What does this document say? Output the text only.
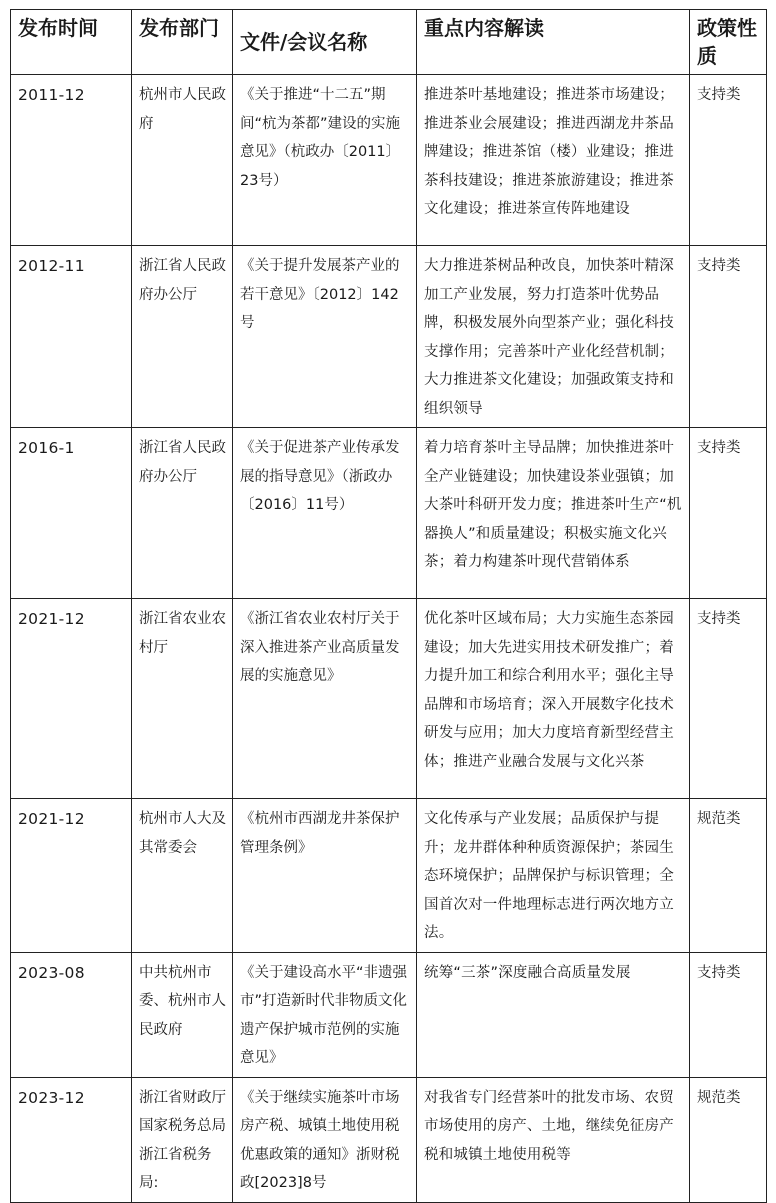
发布时间	发布部门	文件/会议名称	重点内容解读	政策性质
2011-12	杭州市人民政府	《关于推进“十二五”期间“杭为茶都”建设的实施意见》（杭政办〔2011〕23号）	推进茶叶基地建设；推进茶市场建设；推进茶业会展建设；推进西湖龙井茶品牌建设；推进茶馆（楼）业建设；推进茶科技建设；推进茶旅游建设；推进茶文化建设；推进茶宣传阵地建设	支持类
2012-11	浙江省人民政府办公厅	《关于提升发展茶产业的若干意见》〔2012〕142号	大力推进茶树品种改良，加快茶叶精深加工产业发展，努力打造茶叶优势品牌，积极发展外向型茶产业；强化科技支撑作用；完善茶叶产业化经营机制；大力推进茶文化建设；加强政策支持和组织领导	支持类
2016-1	浙江省人民政府办公厅	《关于促进茶产业传承发展的指导意见》（浙政办〔2016〕11号）	着力培育茶叶主导品牌；加快推进茶叶全产业链建设；加快建设茶业强镇；加大茶叶科研开发力度；推进茶叶生产“机器换人”和质量建设；积极实施文化兴茶；着力构建茶叶现代营销体系	支持类
2021-12	浙江省农业农村厅	《浙江省农业农村厅关于深入推进茶产业高质量发展的实施意见》	优化茶叶区域布局；大力实施生态茶园建设；加大先进实用技术研发推广；着力提升加工和综合利用水平；强化主导品牌和市场培育；深入开展数字化技术研发与应用；加大力度培育新型经营主体；推进产业融合发展与文化兴茶	支持类
2021-12	杭州市人大及其常委会	《杭州市西湖龙井茶保护管理条例》	文化传承与产业发展；品质保护与提升；龙井群体种种质资源保护；茶园生态环境保护；品牌保护与标识管理；全国首次对一件地理标志进行两次地方立法。	规范类
2023-08	中共杭州市委、杭州市人民政府	《关于建设高水平“非遗强市”打造新时代非物质文化遗产保护城市范例的实施意见》	统筹“三茶”深度融合高质量发展	支持类
2023-12	浙江省财政厅 国家税务总局浙江省税务局:	《关于继续实施茶叶市场房产税、城镇土地使用税优惠政策的通知》浙财税政[2023]8号	对我省专门经营茶叶的批发市场、农贸市场使用的房产、土地，继续免征房产税和城镇土地使用税等	规范类
